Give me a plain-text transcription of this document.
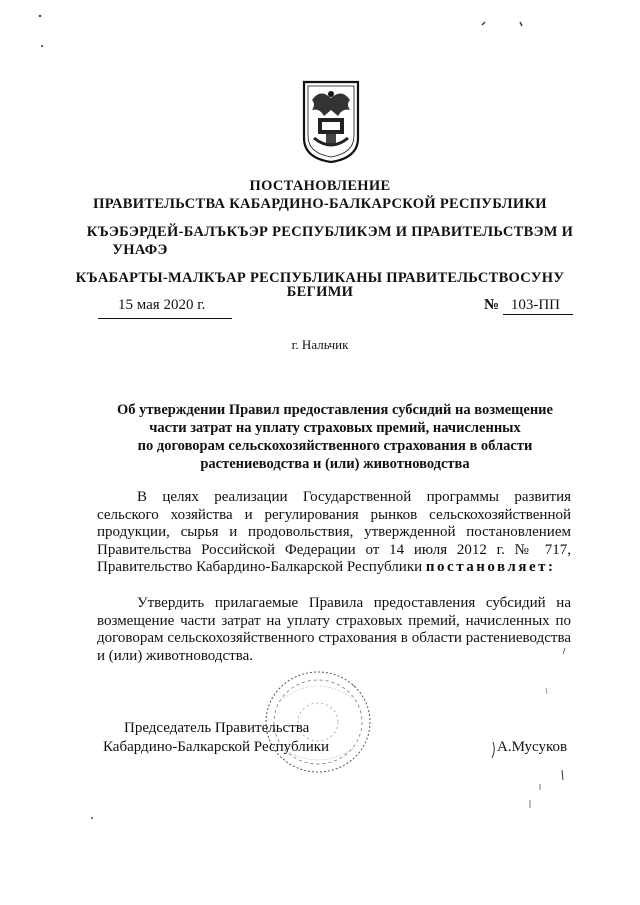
ПОСТАНОВЛЕНИЕ
ПРАВИТЕЛЬСТВА КАБАРДИНО-БАЛКАРСКОЙ РЕСПУБЛИКИ
КЪЭБЭРДЕЙ-БАЛЪКЪЭР РЕСПУБЛИКЭМ И ПРАВИТЕЛЬСТВЭМ И
УНАФЭ
КЪАБАРТЫ-МАЛКЪАР РЕСПУБЛИКАНЫ ПРАВИТЕЛЬСТВОСУНУ
БЕГИМИ
15 мая 2020 г.	№ 103-ПП
г. Нальчик
Об утверждении Правил предоставления субсидий на возмещение
части затрат на уплату страховых премий, начисленных
по договорам сельскохозяйственного страхования в области
растениеводства и (или) животноводства
В целях реализации Государственной программы развития сельского хозяйства и регулирования рынков сельскохозяйственной продукции, сырья и продовольствия, утвержденной постановлением Правительства Российской Федерации от 14 июля 2012 г. № 717, Правительство Кабардино-Балкарской Республики постановляет:
Утвердить прилагаемые Правила предоставления субсидий на возмещение части затрат на уплату страховых премий, начисленных по договорам сельскохозяйственного страхования в области растениеводства и (или) животноводства.
Председатель Правительства
Кабардино-Балкарской Республики	А.Мусуков
